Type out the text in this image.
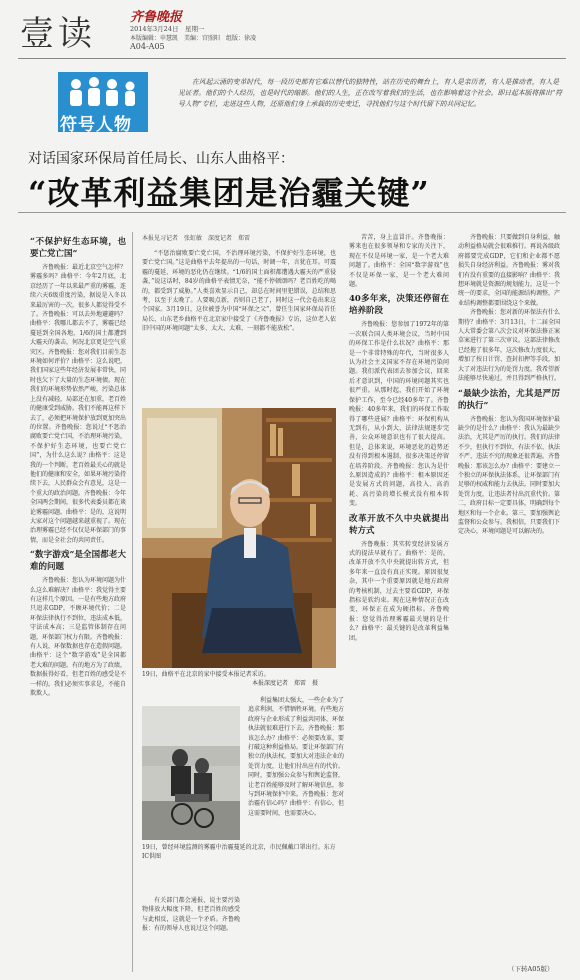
壹读	齐鲁晚报
2014年3月24日　星期一
本版编辑：申慧凯　美编：宫照阳　组版：徐凌
A04-A05
符号人物
在风起云涌的变革时代，每一段历史都有它难以替代的独特性，站在历史的舞台上，有人是亲历者，有人是推动者，有人是见证者。他们的个人经历，也是时代的缩影。他们的人生，正在改写着我们的生活，也在影响着这个社会。即日起本版将推出“符号人物”专栏，走进这些人物，还原他们身上承载的历史变迁，寻找他们与这个时代留下的共同记忆。
对话国家环保局首任局长、山东人曲格平：
“改革利益集团是治霾关键”
“不保护好生态环境，也要亡党亡国”

齐鲁晚报：最近北京空气怎样？雾霾多吗？曲格平：今年2月底，北京经历了一年以来最严重的雾霾，连续六天6级重度污染，据说是入冬以来最厉害的一次，很多人都觉得受不了。齐鲁晚报：可以去外地避避吗？曲格平：我哪儿都去不了，雾霾已经蔓延到全国各地，1/6的国土都遭到大霾天的袭击，何况北京更是空气重灾区。齐鲁晚报：您对我们目前生态环境如何评价？曲格平：这么说吧，我们国家这些年经济发展非常快，同时也欠下了大量的生态环境债。现在我们的环境形势依然严峻，污染总体上没有减轻，局部还在加重，老百姓的健康受到威胁。我们不能再这样下去了，必须把环境保护放到更加突出的位置。齐鲁晚报：您说过“不惩治腐败要亡党亡国，不治理环境污染，不保护好生态环境，也要亡党亡国”，为什么这么说？曲格平：这是我的一个判断。老百姓最关心的就是他们的健康和安全，如果环境污染持续下去，人民群众会有意见，这是一个重大的政治问题。齐鲁晚报：今年全国两会期间，很多代表委员都在谈论雾霾问题。曲格平：是的，这说明大家对这个问题越来越重视了。现在治理雾霾已经不仅仅是环保部门的事情，而是全社会的共同责任。

“数字游戏”是全国都老大难的问题

齐鲁晚报：您认为环境问题为什么这么难解决？曲格平：我觉得主要有这样几个原因。一是有些地方政府只追求GDP，不顾环境代价；二是环保法律执行不到位，违法成本低，守法成本高；三是监管体制存在问题，环保部门权力有限。齐鲁晚报：有人说，环保数据也存在造假问题。曲格平：这个“数字游戏”是全国都老大难的问题。有的地方为了政绩，数据报得好看，但老百姓的感受是不一样的。我们必须实事求是，不能自欺欺人。

本报见习记者　张虹敏　深度记者　郑雷

“不惩治腐败要亡党亡国，不治理环境污染，不保护好生态环境，也要亡党亡国。”这是曲格平去年提出的一句话，时调一年，言犹在耳。可震霾的蔓延、环境的恶化仍在继续。“1/6的国土面积都遭遇大霾天的严重侵袭，”说这话时，84岁的曲格平表情无奈，“能不停顿颂吗？老百姓吃的喝的，都受到了威胁。”人类喜欢显示自己，却总在时间里犯错误，总结和思考，以至于太晚了。人要吸点新，否则自己老了，同时这一代会卷出来这个国家。3月19日，这位被誉为中国“环保之父”、曾任生国家环保局首任局长、山东老乡曲格平在北京家中接受了《齐鲁晚报》专访，这位老人依旧中国的环境问题“太多、太大、太难，一刻都不能放松”。

19日，曲格平在北京的家中接受本报记者采访。
本报深度记者　郑雷　摄
19日，曾经环境监测的雾霾中治霾蔓延的北京，市民佩戴口罩出行。东方IC供图

有关部门都会通报，说主要污染物排放大幅度下降，但老百姓的感受与此相反，这就是一个矛盾。齐鲁晚报：有的领导人也说过这个问题。

利益集团太强大，一些企业为了追求利润，不惜牺牲环境。有些地方政府与企业形成了利益共同体，环保执法就很难进行下去。齐鲁晚报：那该怎么办？曲格平：必须要改革，要打破这种利益格局。要让环保部门有独立的执法权，要加大对违法企业的处罚力度，让他们付出应有的代价。同时，要加强公众参与和舆论监督，让老百姓能够及时了解环境信息，参与到环境保护中来。齐鲁晚报：您对治霾有信心吗？曲格平：有信心，但这需要时间，也需要决心。

苦苦，身上直冒汗。齐鲁晚报：雾来也在很多领导和专家的关注下，现在不仅是环境一家，是一个老大难问题了。曲格平：全国“数字游戏”也不仅是环保一家，是一个老大难问题。

40多年来，决策还停留在培养阶段

齐鲁晚报：您参加了1972年的第一次联合国人类环境会议，当时中国的环保工作是什么状况？曲格平：那是一个非常特殊的年代，当时很多人认为社会主义国家不存在环境污染问题。我们派代表团去参加会议，回来后才意识到，中国的环境问题其实也很严重。从那时起，我们开始了环境保护工作，至今已经40多年了。齐鲁晚报：40多年来，我们的环保工作取得了哪些进展？曲格平：环保机构从无到有，从小到大，法律法规逐步完善，公众环境意识也有了很大提高。但是，总体来说，环境恶化的趋势还没有得到根本遏制，很多决策还停留在培养阶段。齐鲁晚报：您认为是什么原因造成的？曲格平：根本原因还是发展方式的问题，高投入、高消耗、高污染的增长模式没有根本转变。

改革开放不久中央就提出转方式

齐鲁晚报：其实转变经济发展方式的提法早就有了。曲格平：是的，改革开放不久中央就提出转方式，但多年来一直没有真正实现。原因很复杂，其中一个重要原因就是地方政府的考核机制，过去主要看GDP，环保指标是软约束。现在这种情况正在改变，环保正在成为硬指标。齐鲁晚报：您觉得治理雾霾最关键的是什么？曲格平：最关键的是改革利益集团。

齐鲁晚报：只要做到自身利益，触动利益格局就会很难推行。再说各级政府都要完成GDP，它们和企业都不愿损失自身经济利益。齐鲁晚报：雾对我们有没有重要的直接影响？曲格平：我想环境就是资源的规划能力，这是一个统一的要求，全国的能源结构调整，产业结构调整都要围绕这个来做。

齐鲁晚报：您对新的环保法有什么期待？曲格平：3月13日，十二届全国人大常委会第八次会议对环保法修正案草案进行了第三次审议。这部法律修改已经拖了很多年，这次修改力度很大，增加了按日计罚、查封扣押等手段，加大了对违法行为的处罚力度。我希望新法能够尽快通过，并且得到严格执行。

“最缺少法治，尤其是严厉的执行”

齐鲁晚报：您认为我国环境保护最缺少的是什么？曲格平：我认为最缺少法治，尤其是严厉的执行。我们的法律不少，但执行不到位，有法不依、执法不严、违法不究的现象还很普遍。齐鲁晚报：那该怎么办？曲格平：要建立一个独立的环保执法体系，让环保部门有足够的权威和能力去执法。同时要加大处罚力度，让违法者付出沉重代价。第二，政府目标一定要具体，明确到每个地区和每一个企业。第三，要加强舆论监督和公众参与。我相信，只要我们下定决心，环境问题是可以解决的。

（下转A05版）
